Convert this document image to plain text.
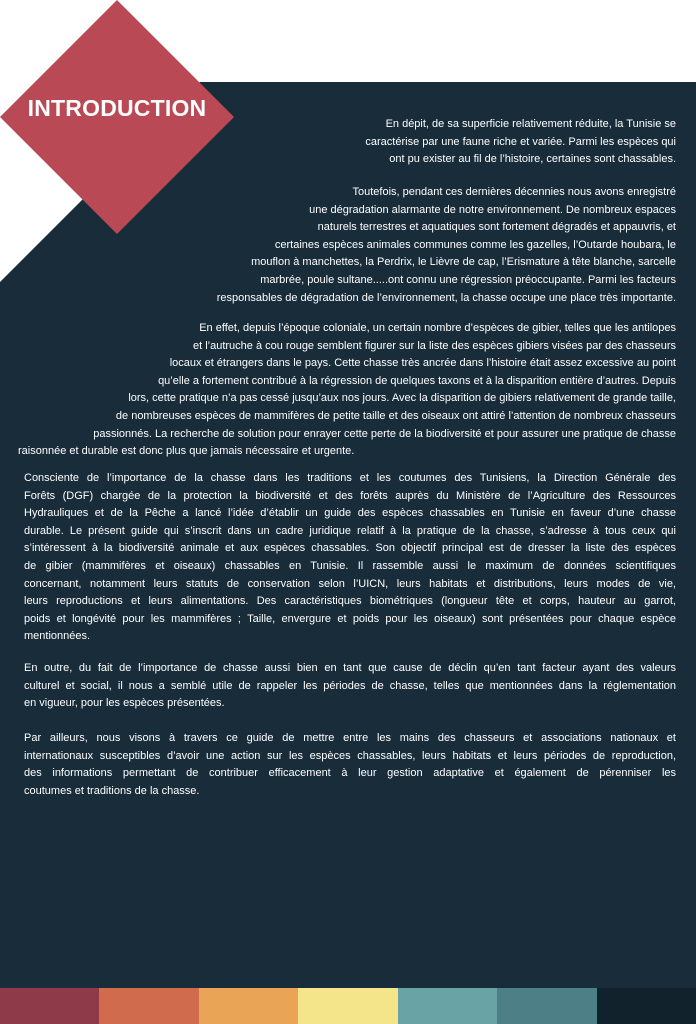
INTRODUCTION

En dépit, de sa superficie relativement réduite, la Tunisie se
caractérise par une faune riche et variée. Parmi les espèces qui
ont pu exister au fil de l’histoire, certaines sont chassables.

Toutefois, pendant ces dernières décennies nous avons enregistré
une dégradation alarmante de notre environnement. De nombreux espaces
naturels terrestres et aquatiques sont fortement dégradés et appauvris, et
certaines espèces animales communes comme les gazelles, l’Outarde houbara, le
mouflon à manchettes, la Perdrix, le Lièvre de cap, l’Erismature à tête blanche, sarcelle
marbrée, poule sultane.....ont connu une régression préoccupante. Parmi les facteurs
responsables de dégradation de l’environnement, la chasse occupe une place très importante.

En effet, depuis l’époque coloniale, un certain nombre d’espèces de gibier, telles que les antilopes
et l’autruche à cou rouge semblent figurer sur la liste des espèces gibiers visées par des chasseurs
locaux et étrangers dans le pays. Cette chasse très ancrée dans l’histoire était assez excessive au point
qu’elle a fortement contribué à la régression de quelques taxons et à la disparition entière d’autres. Depuis
lors, cette pratique n’a pas cessé jusqu’aux nos jours. Avec la disparition de gibiers relativement de grande taille,
de nombreuses espèces de mammifères de petite taille et des oiseaux ont attiré l’attention de nombreux chasseurs
passionnés. La recherche de solution pour enrayer cette perte de la biodiversité et pour assurer une pratique de chasse
raisonnée et durable est donc plus que jamais nécessaire et urgente.

Consciente de l’importance de la chasse dans les traditions et les coutumes des Tunisiens, la Direction Générale des
Forêts (DGF) chargée de la protection la biodiversité et des forêts auprès du Ministère de l’Agriculture des Ressources
Hydrauliques et de la Pêche a lancé l’idée d’établir un guide des espèces chassables en Tunisie en faveur d’une chasse
durable. Le présent guide qui s’inscrit dans un cadre juridique relatif à la pratique de la chasse, s’adresse à tous ceux qui
s’intéressent à la biodiversité animale et aux espèces chassables. Son objectif principal est de dresser la liste des espèces
de gibier (mammifères et oiseaux) chassables en Tunisie. Il rassemble aussi le maximum de données scientifiques
concernant, notamment leurs statuts de conservation selon l’UICN, leurs habitats et distributions, leurs modes de vie,
leurs reproductions et leurs alimentations. Des caractéristiques biométriques (longueur tête et corps, hauteur au garrot,
poids et longévité pour les mammifères ; Taille, envergure et poids pour les oiseaux) sont présentées pour chaque espèce
mentionnées.

En outre, du fait de l’importance de chasse aussi bien en tant que cause de déclin qu’en tant facteur ayant des valeurs
culturel et social, il nous a semblé utile de rappeler les périodes de chasse, telles que mentionnées dans la réglementation
en vigueur, pour les espèces présentées.

Par ailleurs, nous visons à travers ce guide de mettre entre les mains des chasseurs et associations nationaux et
internationaux susceptibles d’avoir une action sur les espèces chassables, leurs habitats et leurs périodes de reproduction,
des informations permettant de contribuer efficacement à leur gestion adaptative et également de pérenniser les
coutumes et traditions de la chasse.
